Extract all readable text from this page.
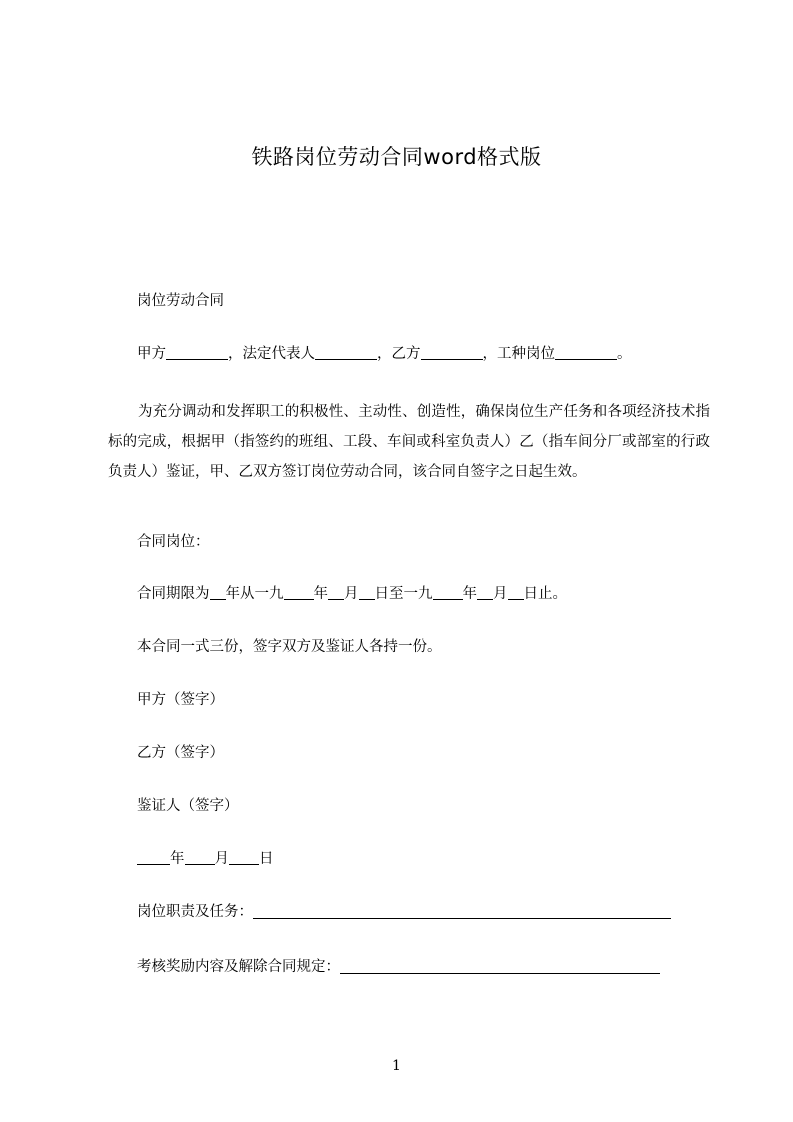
铁路岗位劳动合同word格式版
岗位劳动合同
甲方	，法定代表人	，乙方	，工种岗位	。
为充分调动和发挥职工的积极性、主动性、创造性，确保岗位生产任务和各项经济技术指标的完成，根据甲（指签约的班组、工段、车间或科室负责人）乙（指车间分厂或部室的行政负责人）鉴证，甲、乙双方签订岗位劳动合同，该合同自签字之日起生效。
合同岗位：
合同期限为 年从一九 年 月 日至一九 年 月 日止。
本合同一式三份，签字双方及鉴证人各持一份。
甲方（签字）
乙方（签字）
鉴证人（签字）
年 月 日
岗位职责及任务：
考核奖励内容及解除合同规定：
1
